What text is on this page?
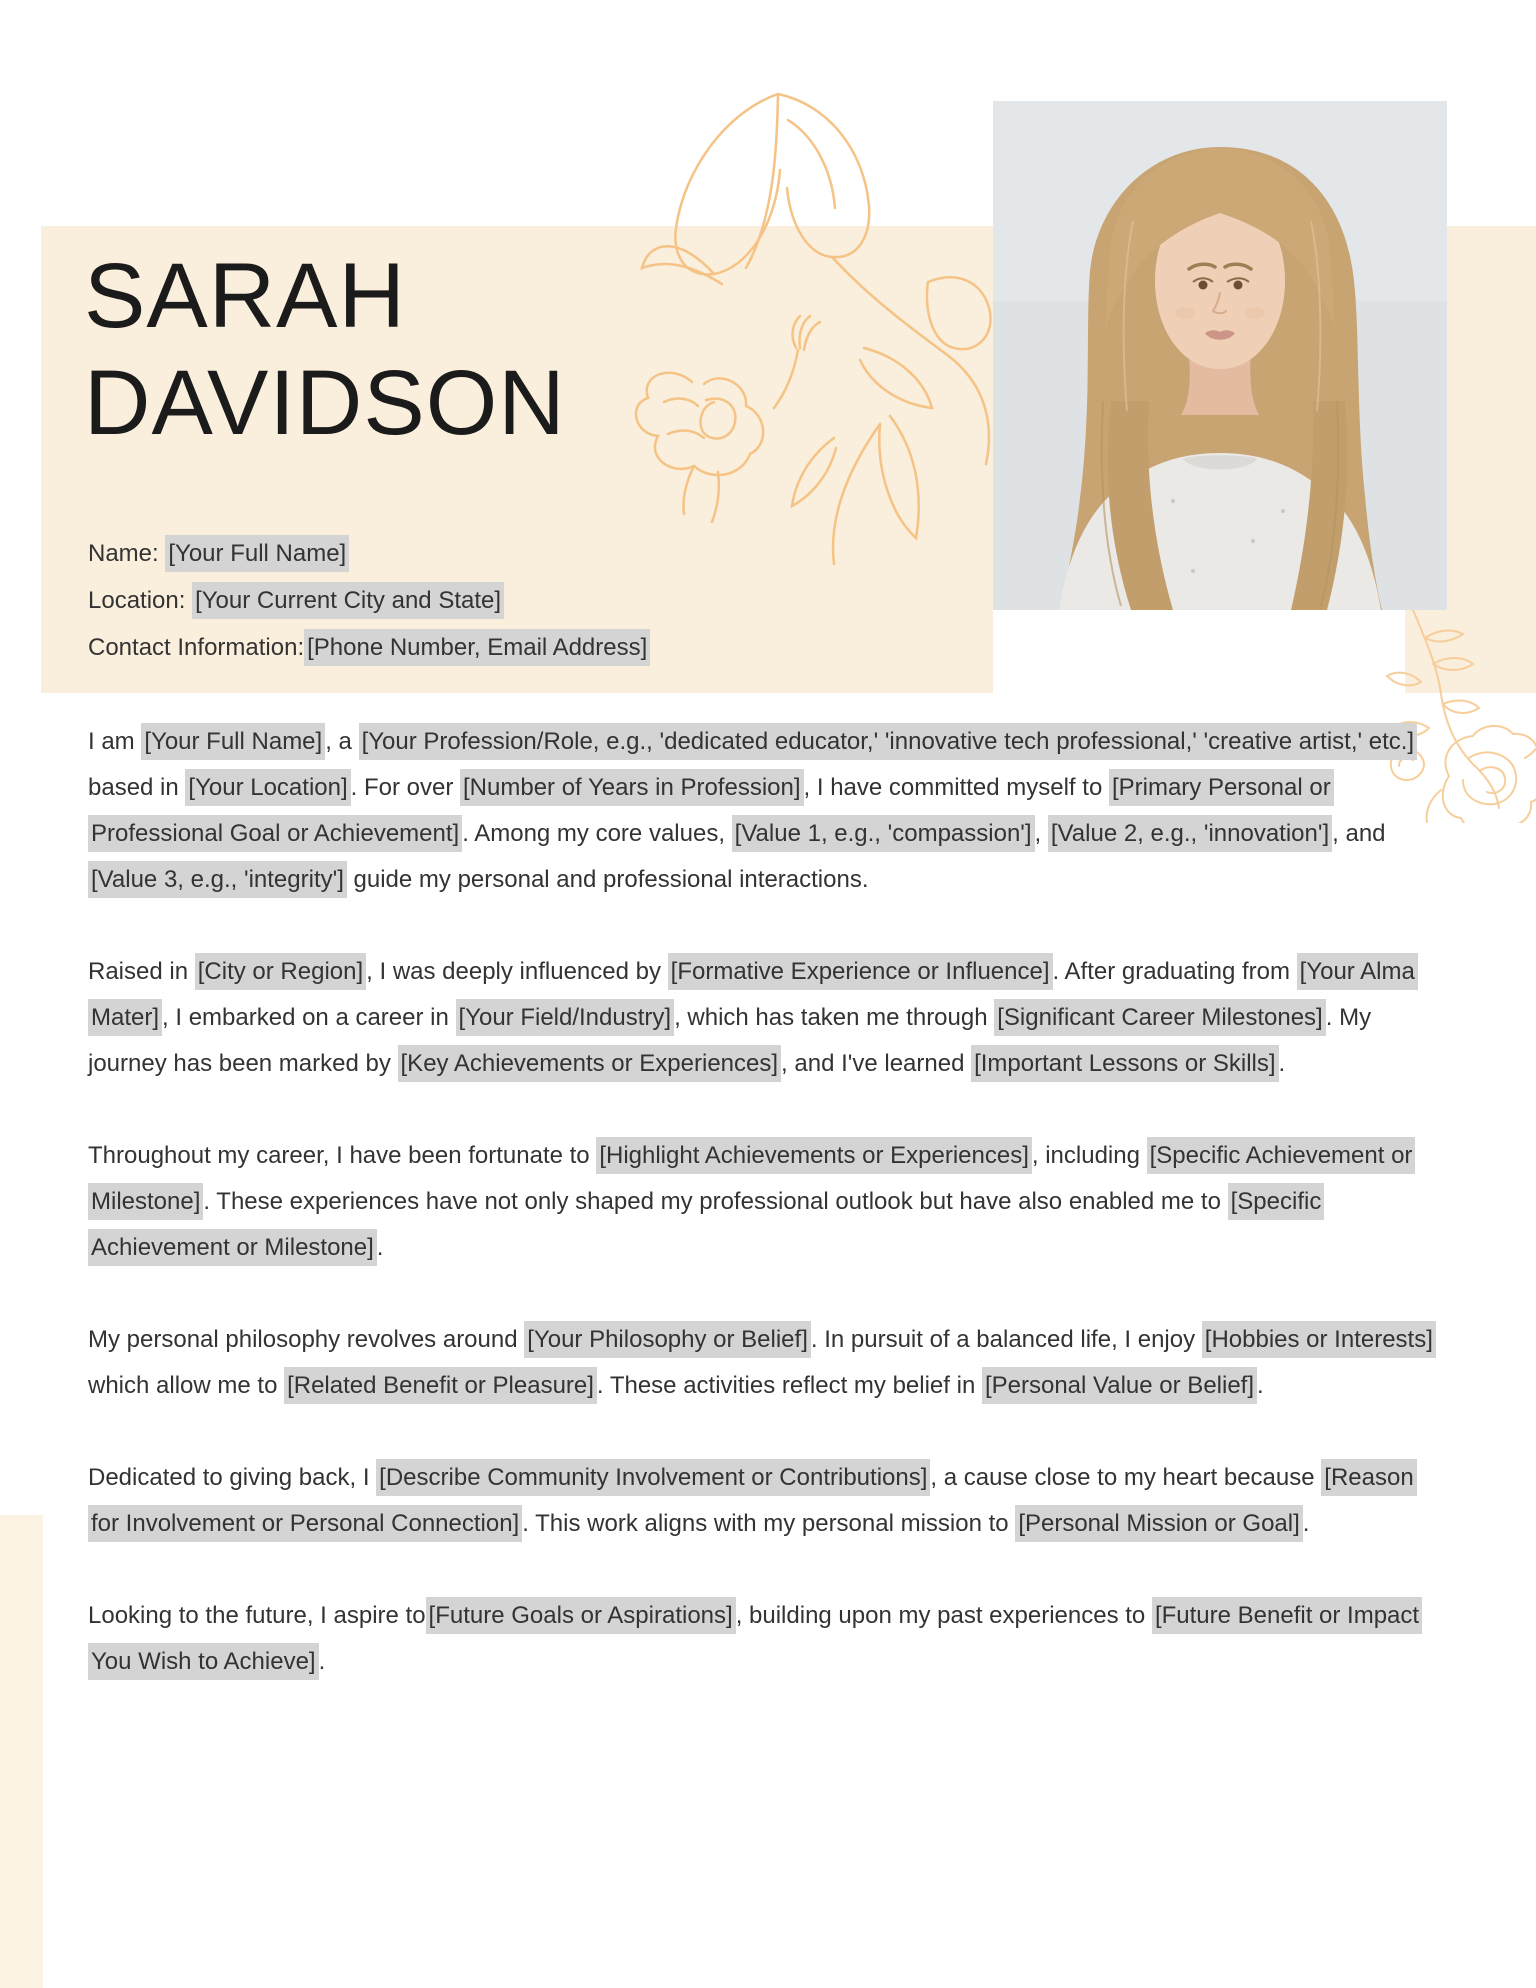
SARAH
DAVIDSON
Name: [Your Full Name]
Location: [Your Current City and State]
Contact Information: [Phone Number, Email Address]

I am [Your Full Name] , a [Your Profession/Role, e.g., 'dedicated educator,' 'innovative tech professional,' 'creative artist,' etc.] based in [Your Location] . For over [Number of Years in Profession] , I have committed myself to [Primary Personal or Professional Goal or Achievement] . Among my core values, [Value 1, e.g., 'compassion'] , [Value 2, e.g., 'innovation'] , and [Value 3, e.g., 'integrity'] guide my personal and professional interactions.

Raised in [City or Region] , I was deeply influenced by [Formative Experience or Influence] . After graduating from [Your Alma Mater] , I embarked on a career in [Your Field/Industry] , which has taken me through [Significant Career Milestones] . My journey has been marked by [Key Achievements or Experiences] , and I've learned [Important Lessons or Skills] .

Throughout my career, I have been fortunate to [Highlight Achievements or Experiences] , including [Specific Achievement or Milestone] . These experiences have not only shaped my professional outlook but have also enabled me to [Specific Achievement or Milestone] .

My personal philosophy revolves around [Your Philosophy or Belief] . In pursuit of a balanced life, I enjoy [Hobbies or Interests] which allow me to [Related Benefit or Pleasure] . These activities reflect my belief in [Personal Value or Belief] .

Dedicated to giving back, I [Describe Community Involvement or Contributions] , a cause close to my heart because [Reason for Involvement or Personal Connection] . This work aligns with my personal mission to [Personal Mission or Goal] .

Looking to the future, I aspire to [Future Goals or Aspirations] , building upon my past experiences to [Future Benefit or Impact You Wish to Achieve] .
